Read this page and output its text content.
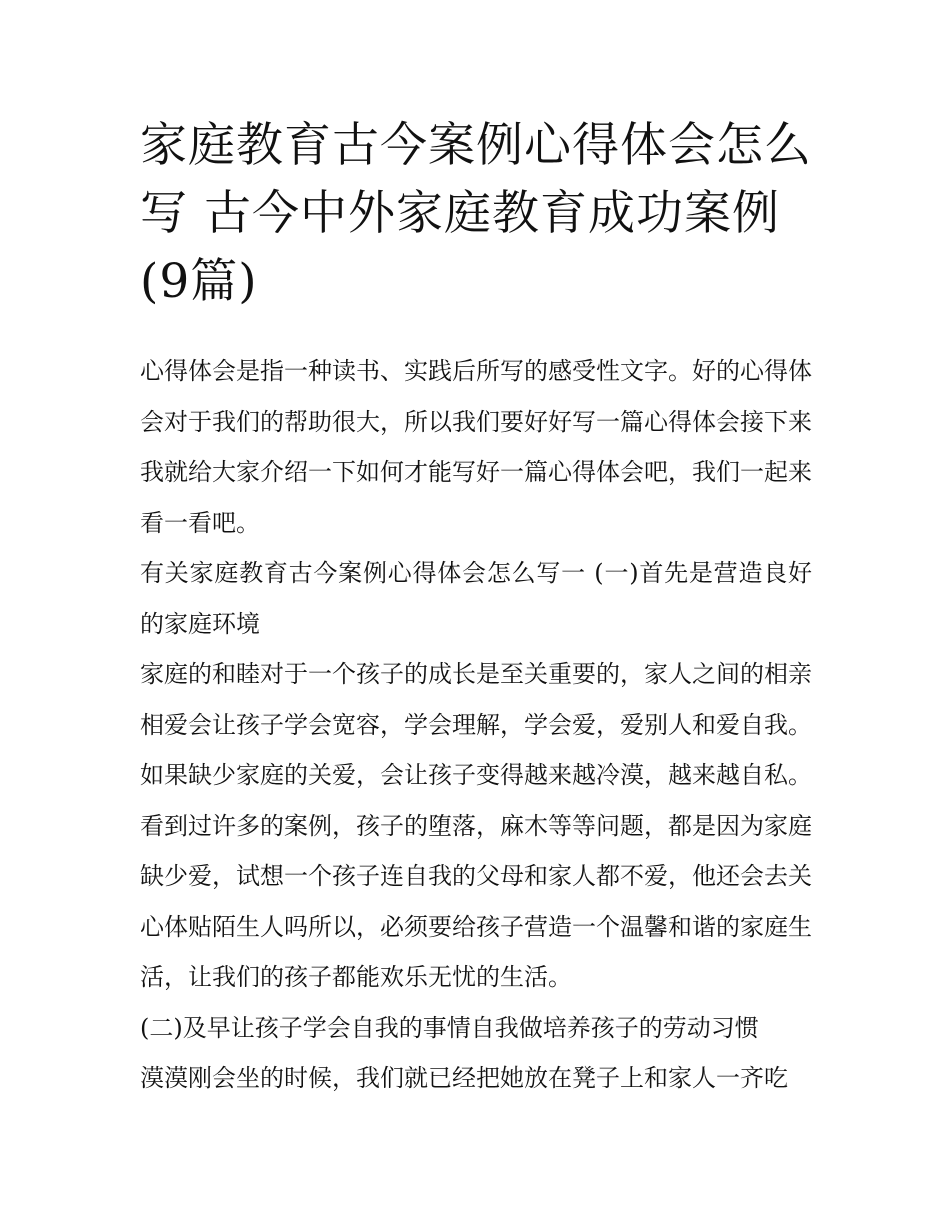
家庭教育古今案例心得体会怎么写 古今中外家庭教育成功案例(9篇)

心得体会是指一种读书、实践后所写的感受性文字。好的心得体会对于我们的帮助很大，所以我们要好好写一篇心得体会接下来我就给大家介绍一下如何才能写好一篇心得体会吧，我们一起来看一看吧。

有关家庭教育古今案例心得体会怎么写一 (一)首先是营造良好的家庭环境

家庭的和睦对于一个孩子的成长是至关重要的，家人之间的相亲相爱会让孩子学会宽容，学会理解，学会爱，爱别人和爱自我。如果缺少家庭的关爱，会让孩子变得越来越冷漠，越来越自私。看到过许多的案例，孩子的堕落，麻木等等问题，都是因为家庭缺少爱，试想一个孩子连自我的父母和家人都不爱，他还会去关心体贴陌生人吗所以，必须要给孩子营造一个温馨和谐的家庭生活，让我们的孩子都能欢乐无忧的生活。

(二)及早让孩子学会自我的事情自我做培养孩子的劳动习惯

漠漠刚会坐的时候，我们就已经把她放在凳子上和家人一齐吃
